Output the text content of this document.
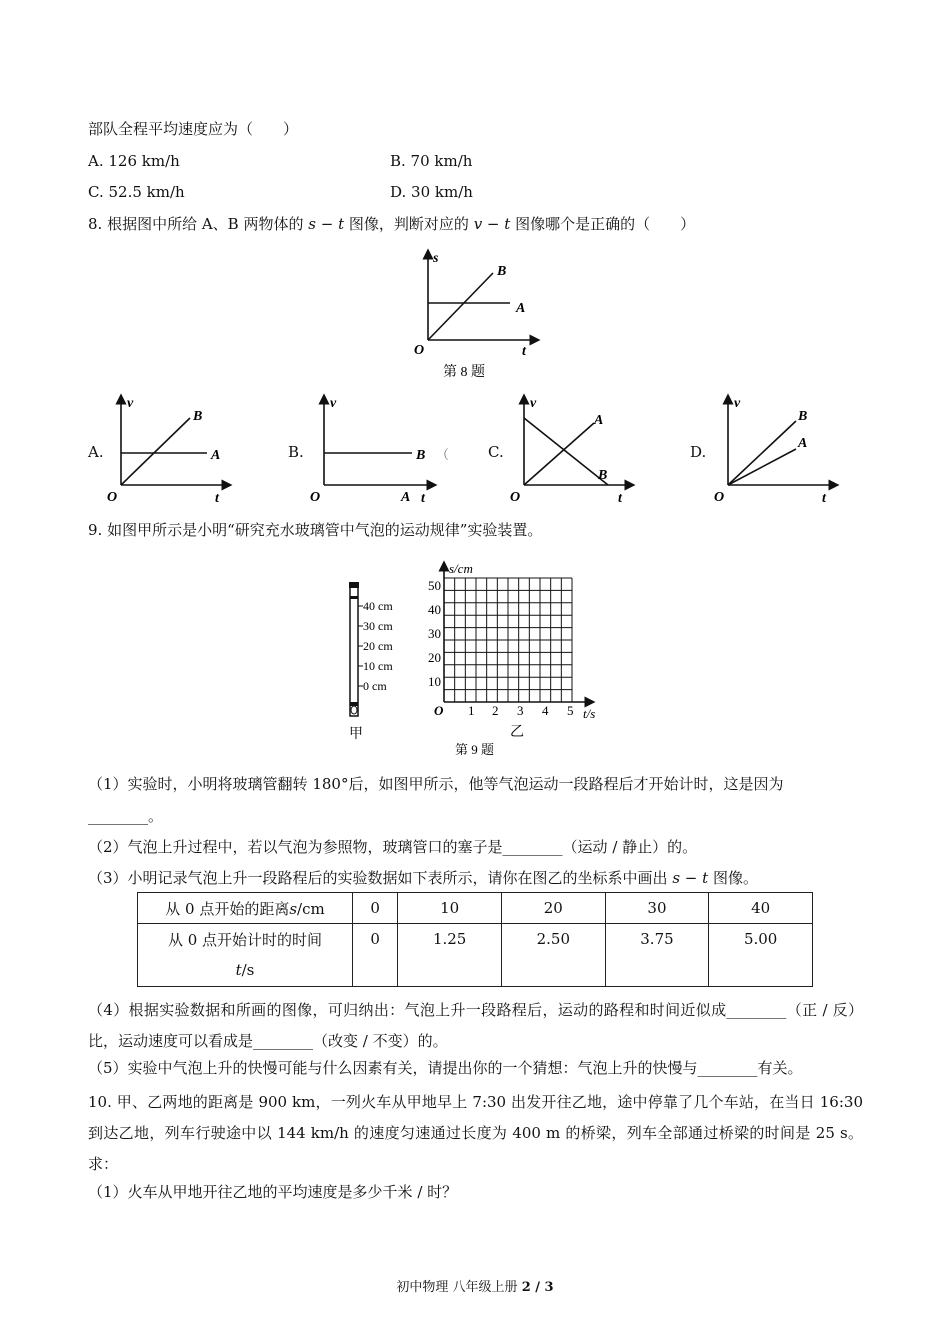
部队全程平均速度应为（　　）
A. 126 km/h	B. 70 km/h
C. 52.5 km/h	D. 30 km/h
8. 根据图中所给 A、B 两物体的 s − t 图像，判断对应的 v − t 图像哪个是正确的（　　）
s
t
O
A
B
第 8 题
A.
v
t
O
B
A	B.
v
t
O
B
A
（	C.
v
t
O
A
B
D.
v
t
O
B
A
9. 如图甲所示是小明“研究充水玻璃管中气泡的运动规律”实验装置。
40 cm
30 cm
20 cm
10 cm
0 cm
甲
s/cm
t/s
O
50
40
30
20
10
1 2 3 4 5
乙
第 9 题
（1）实验时，小明将玻璃管翻转 180°后，如图甲所示，他等气泡运动一段路程后才开始计时，这是因为
________。
（2）气泡上升过程中，若以气泡为参照物，玻璃管口的塞子是________（运动 / 静止）的。
（3）小明记录气泡上升一段路程后的实验数据如下表所示，请你在图乙的坐标系中画出 s − t 图像。
从 0 点开始的距离s/cm	0	10	20	30	40

从 0 点开始计时的时间
t/s	0	1.25	2.50	3.75	5.00
（4）根据实验数据和所画的图像，可归纳出：气泡上升一段路程后，运动的路程和时间近似成________（正 / 反）比，运动速度可以看成是________（改变 / 不变）的。
（5）实验中气泡上升的快慢可能与什么因素有关，请提出你的一个猜想：气泡上升的快慢与________有关。
10. 甲、乙两地的距离是 900 km，一列火车从甲地早上 7:30 出发开往乙地，途中停靠了几个车站，在当日 16:30 到达乙地，列车行驶途中以 144 km/h 的速度匀速通过长度为 400 m 的桥梁，列车全部通过桥梁的时间是 25 s。求：
（1）火车从甲地开往乙地的平均速度是多少千米 / 时？
初中物理 八年级上册 2 / 3
